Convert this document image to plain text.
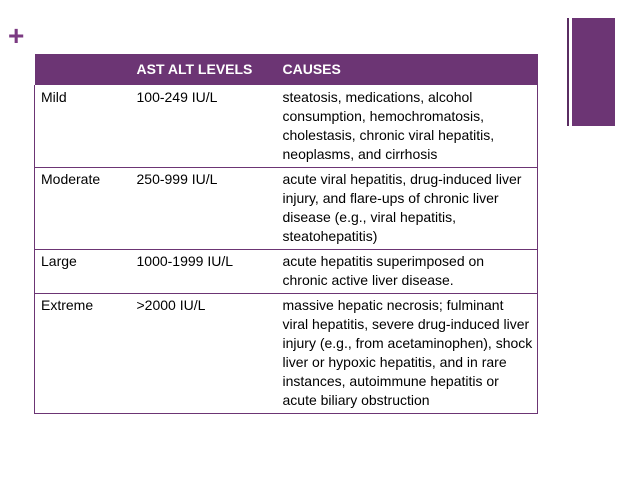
+
	AST ALT LEVELS	CAUSES
Mild	100-249 IU/L	steatosis, medications, alcohol consumption, hemochromatosis, cholestasis, chronic viral hepatitis, neoplasms, and cirrhosis
Moderate	250-999 IU/L	acute viral hepatitis, drug-induced liver injury, and flare-ups of chronic liver disease (e.g., viral hepatitis, steatohepatitis)
Large	1000-1999 IU/L	acute hepatitis superimposed on chronic active liver disease.
Extreme	>2000 IU/L	massive hepatic necrosis; fulminant viral hepatitis, severe drug-induced liver injury (e.g., from acetaminophen), shock liver or hypoxic hepatitis, and in rare instances, autoimmune hepatitis or acute biliary obstruction
